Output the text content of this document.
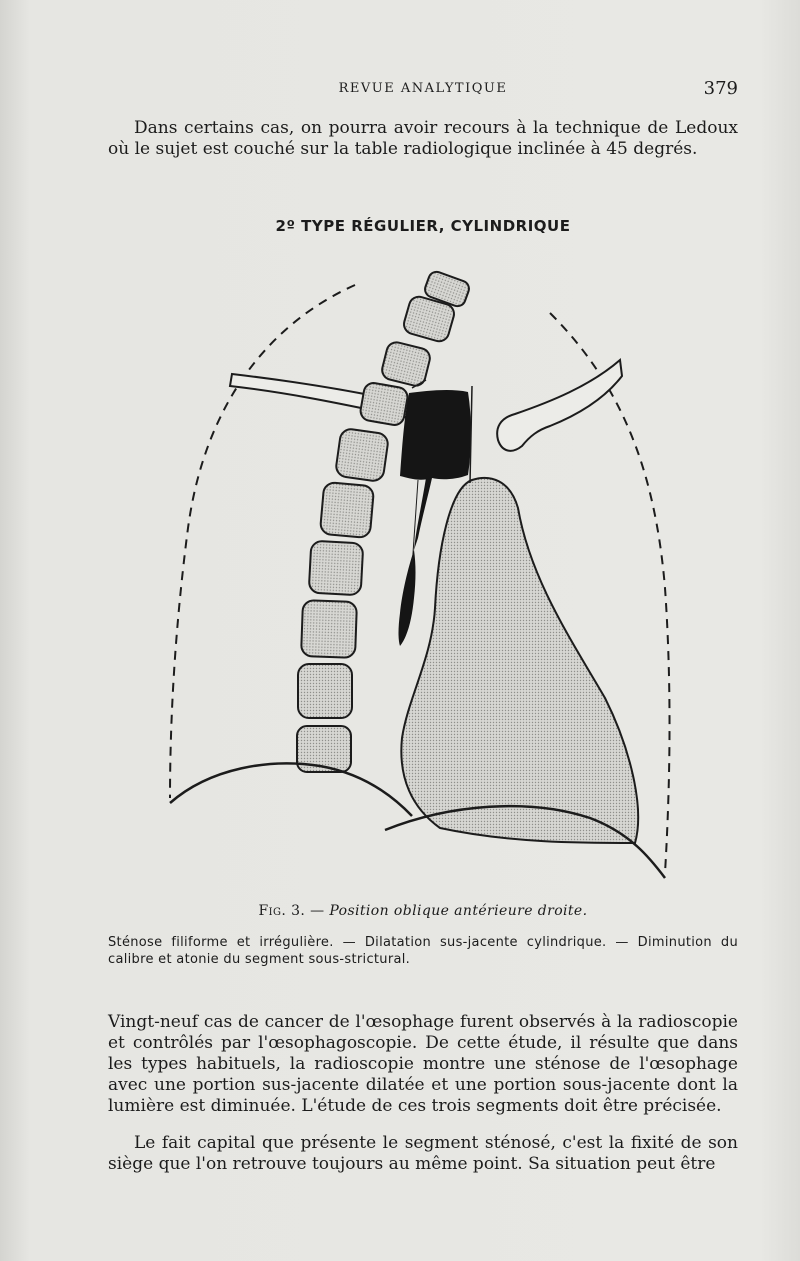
REVUE ANALYTIQUE	379

Dans certains cas, on pourra avoir recours à la technique de Ledoux où le sujet est couché sur la table radiologique inclinée à 45 degrés.

2º TYPE RÉGULIER, CYLINDRIQUE
Fig. 3. — Position oblique antérieure droite.

Sténose filiforme et irrégulière. — Dilatation sus-jacente cylindrique. — Diminution du calibre et atonie du segment sous-strictural.

Vingt-neuf cas de cancer de l'œsophage furent observés à la radioscopie et contrôlés par l'œsophagoscopie. De cette étude, il résulte que dans les types habituels, la radioscopie montre une sténose de l'œsophage avec une portion sus-jacente dilatée et une portion sous-jacente dont la lumière est diminuée. L'étude de ces trois segments doit être précisée.

Le fait capital que présente le segment sténosé, c'est la fixité de son siège que l'on retrouve toujours au même point. Sa situation peut être
